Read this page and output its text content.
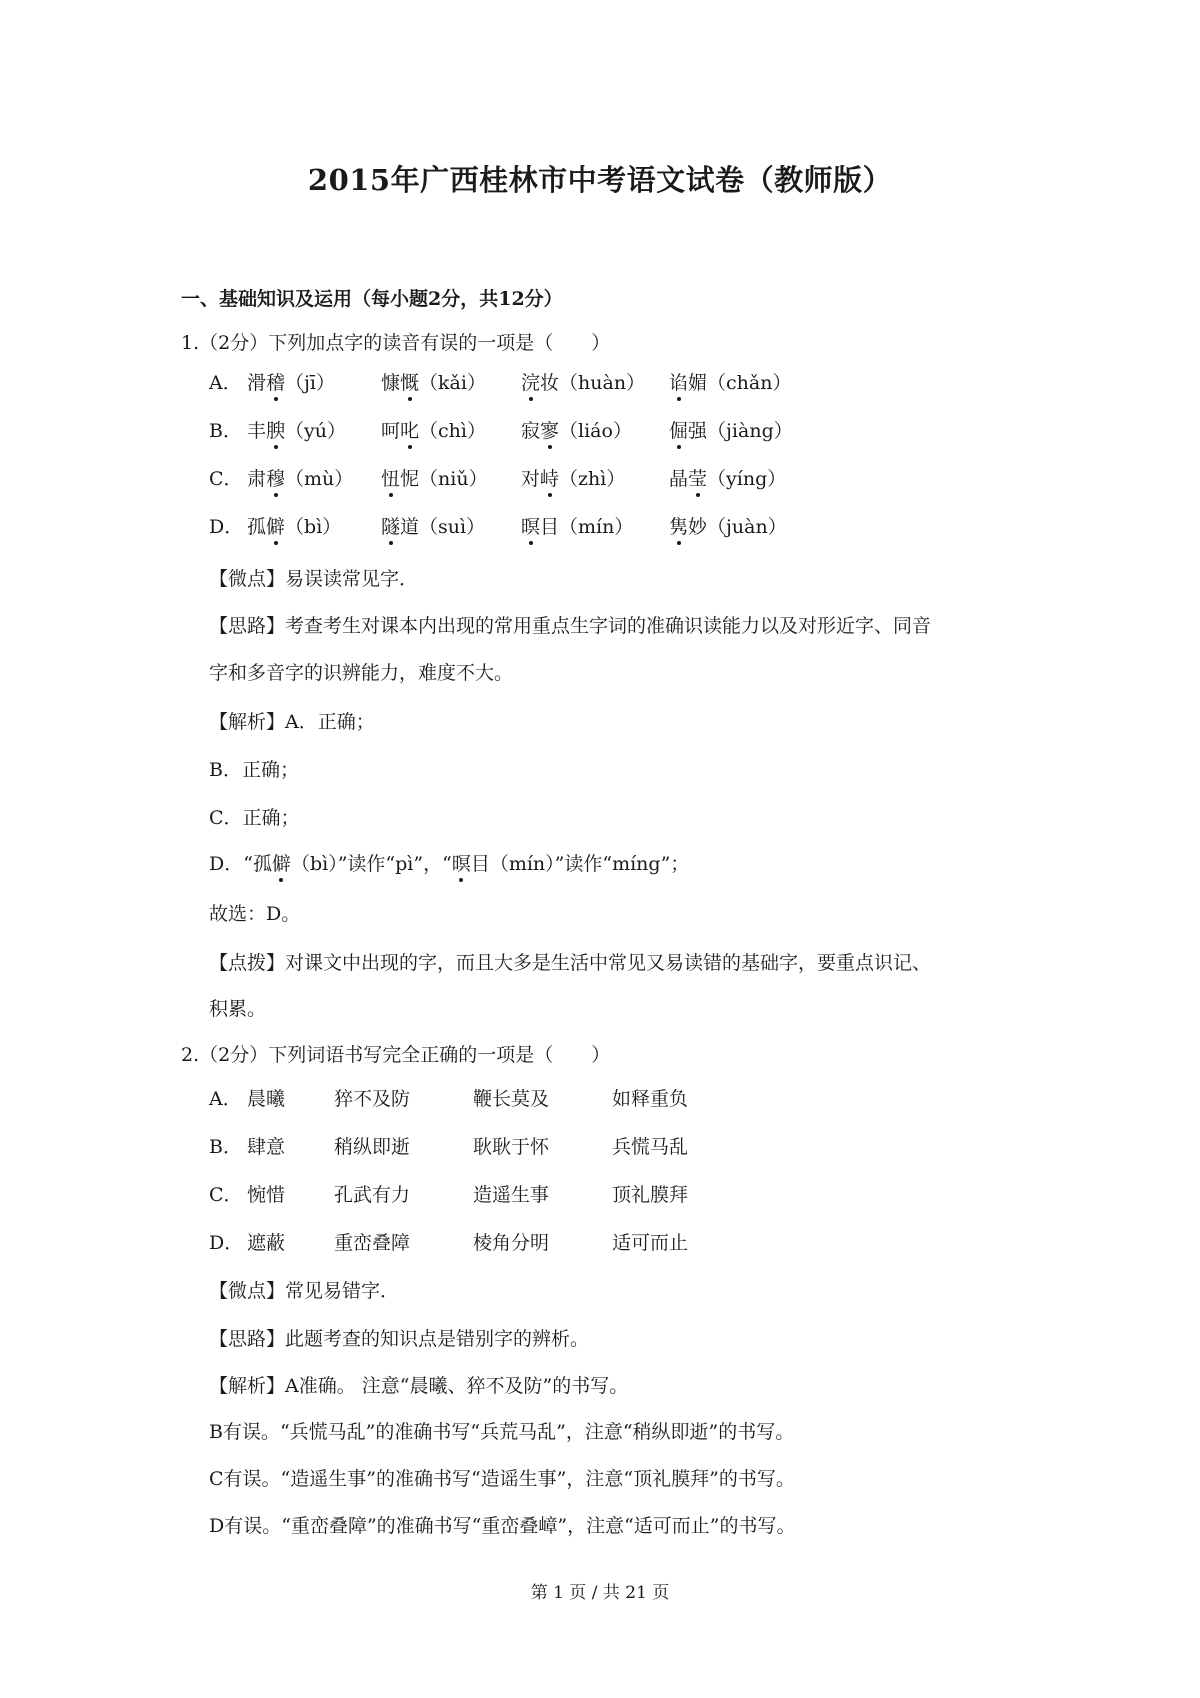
2015年广西桂林市中考语文试卷（教师版）
一、基础知识及运用（每小题2分，共12分）
1.（2分）下列加点字的读音有误的一项是（　　）
A． 滑稽（jī） 慷慨（kǎi） 浣妆（huàn） 谄媚（chǎn）
B． 丰腴（yú） 呵叱（chì） 寂寥（liáo） 倔强（jiàng）
C． 肃穆（mù） 忸怩（niǔ） 对峙（zhì） 晶莹（yíng）
D． 孤僻（bì） 隧道（suì） 暝目（mín） 隽妙（juàn）
【微点】易误读常见字．
【思路】考查考生对课本内出现的常用重点生字词的准确识读能力以及对形近字、同音
字和多音字的识辨能力，难度不大。
【解析】A．正确；
B．正确；
C．正确；
D．“孤僻（bì）”读作“pì”，“暝目（mín）”读作“míng”；
故选：D。
【点拨】对课文中出现的字，而且大多是生活中常见又易读错的基础字，要重点识记、
积累。
2.（2分）下列词语书写完全正确的一项是（　　）
A． 晨曦	猝不及防	鞭长莫及	如释重负
B． 肆意	稍纵即逝	耿耿于怀	兵慌马乱
C． 惋惜	孔武有力	造遥生事	顶礼膜拜
D． 遮蔽	重峦叠障	棱角分明	适可而止
【微点】常见易错字．
【思路】此题考查的知识点是错别字的辨析。
【解析】A准确。 注意“晨曦、猝不及防”的书写。
B有误。“兵慌马乱”的准确书写“兵荒马乱”，注意“稍纵即逝”的书写。
C有误。“造遥生事”的准确书写“造谣生事”，注意“顶礼膜拜”的书写。
D有误。“重峦叠障”的准确书写“重峦叠嶂”，注意“适可而止”的书写。
第 1 页 / 共 21 页
